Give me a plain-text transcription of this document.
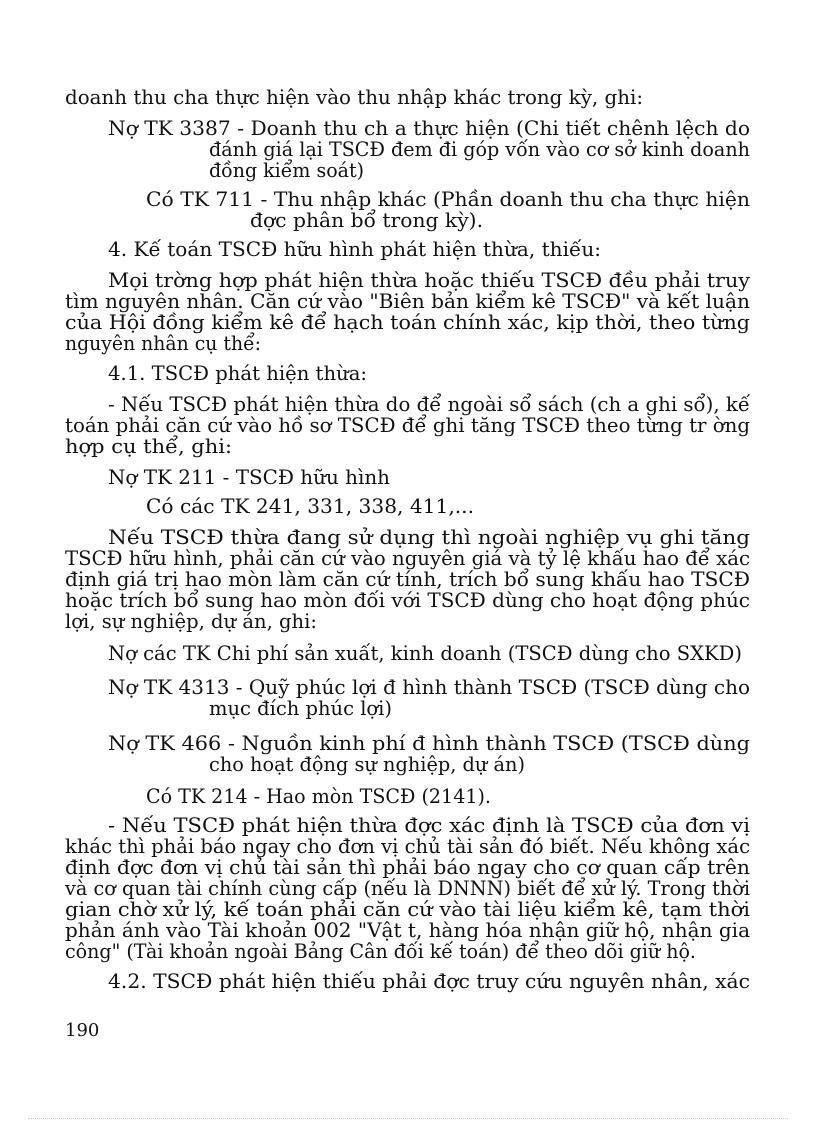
doanh thu cha thực hiện vào thu nhập khác trong kỳ, ghi:
Nợ TK 3387 - Doanh thu ch a thực hiện (Chi tiết chênh lệch do
đánh giá lại TSCĐ đem đi góp vốn vào cơ sở kinh doanh
đồng kiểm soát)
Có TK 711 - Thu nhập khác (Phần doanh thu cha thực hiện
đợc phân bổ trong kỳ).
4. Kế toán TSCĐ hữu hình phát hiện thừa, thiếu:
Mọi trờng hợp phát hiện thừa hoặc thiếu TSCĐ đều phải truy
tìm nguyên nhân. Căn cứ vào "Biên bản kiểm kê TSCĐ" và kết luận
của Hội đồng kiểm kê để hạch toán chính xác, kịp thời, theo từng
nguyên nhân cụ thể:
4.1. TSCĐ phát hiện thừa:
- Nếu TSCĐ phát hiện thừa do để ngoài sổ sách (ch a ghi sổ), kế
toán phải căn cứ vào hồ sơ TSCĐ để ghi tăng TSCĐ theo từng tr ờng
hợp cụ thể, ghi:
Nợ TK 211 - TSCĐ hữu hình
Có các TK 241, 331, 338, 411,...
Nếu TSCĐ thừa đang sử dụng thì ngoài nghiệp vụ ghi tăng
TSCĐ hữu hình, phải căn cứ vào nguyên giá và tỷ lệ khấu hao để xác
định giá trị hao mòn làm căn cứ tính, trích bổ sung khấu hao TSCĐ
hoặc trích bổ sung hao mòn đối với TSCĐ dùng cho hoạt động phúc
lợi, sự nghiệp, dự án, ghi:
Nợ các TK Chi phí sản xuất, kinh doanh (TSCĐ dùng cho SXKD)
Nợ TK 4313 - Quỹ phúc lợi đ hình thành TSCĐ (TSCĐ dùng cho
mục đích phúc lợi)
Nợ TK 466 - Nguồn kinh phí đ hình thành TSCĐ (TSCĐ dùng
cho hoạt động sự nghiệp, dự án)
Có TK 214 - Hao mòn TSCĐ (2141).
- Nếu TSCĐ phát hiện thừa đợc xác định là TSCĐ của đơn vị
khác thì phải báo ngay cho đơn vị chủ tài sản đó biết. Nếu không xác
định đợc đơn vị chủ tài sản thì phải báo ngay cho cơ quan cấp trên
và cơ quan tài chính cùng cấp (nếu là DNNN) biết để xử lý. Trong thời
gian chờ xử lý, kế toán phải căn cứ vào tài liệu kiểm kê, tạm thời
phản ánh vào Tài khoản 002 "Vật t, hàng hóa nhận giữ hộ, nhận gia
công" (Tài khoản ngoài Bảng Cân đối kế toán) để theo dõi giữ hộ.
4.2. TSCĐ phát hiện thiếu phải đợc truy cứu nguyên nhân, xác
190
